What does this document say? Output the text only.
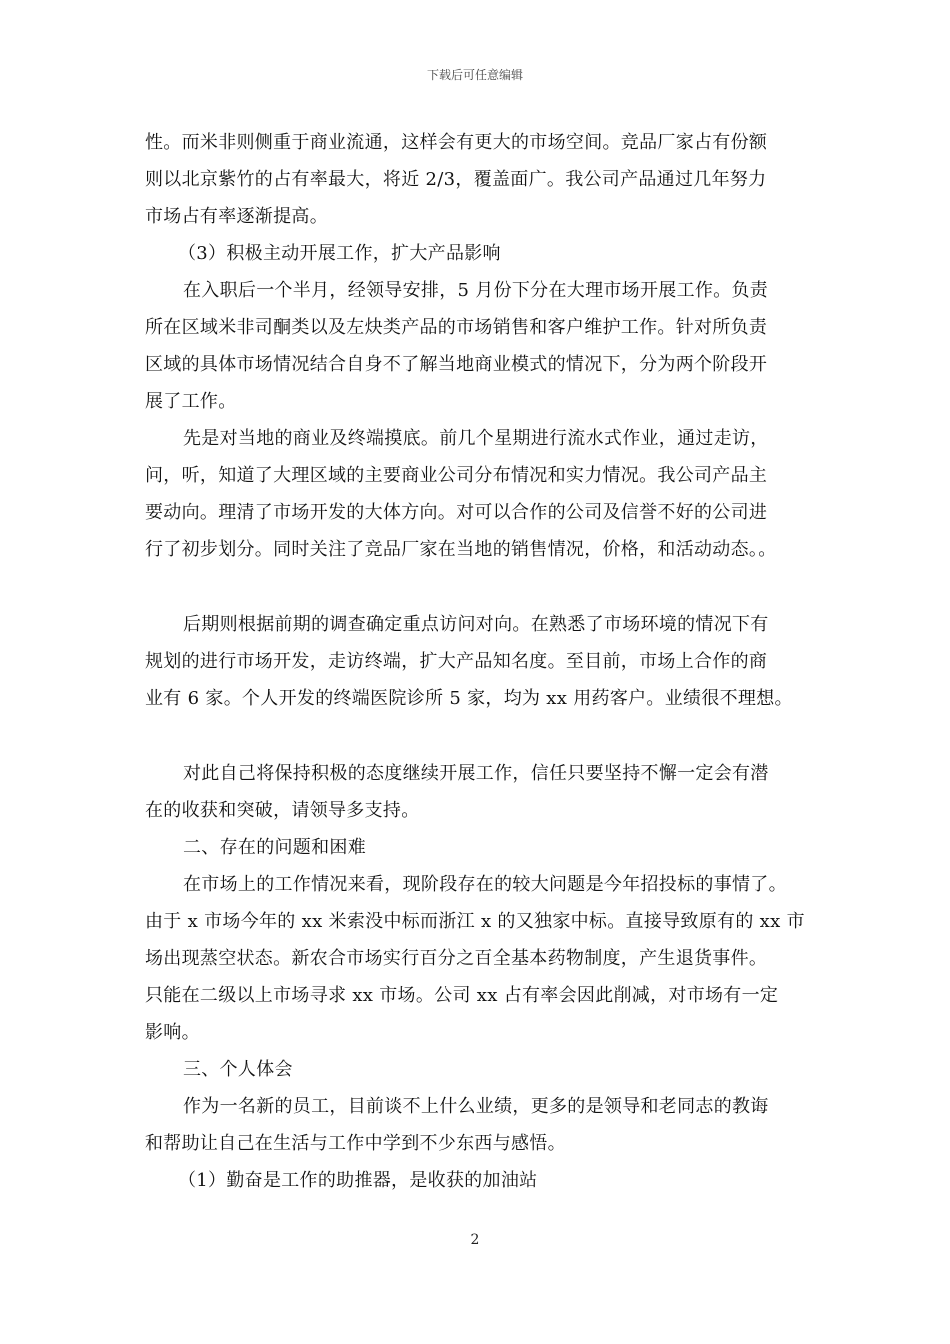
下载后可任意编辑
性。而米非则侧重于商业流通，这样会有更大的市场空间。竞品厂家占有份额
则以北京紫竹的占有率最大，将近 2/3，覆盖面广。我公司产品通过几年努力
市场占有率逐渐提高。
（3）积极主动开展工作，扩大产品影响
在入职后一个半月，经领导安排，5 月份下分在大理市场开展工作。负责
所在区域米非司酮类以及左炔类产品的市场销售和客户维护工作。针对所负责
区域的具体市场情况结合自身不了解当地商业模式的情况下，分为两个阶段开
展了工作。
先是对当地的商业及终端摸底。前几个星期进行流水式作业，通过走访，
问，听，知道了大理区域的主要商业公司分布情况和实力情况。我公司产品主
要动向。理清了市场开发的大体方向。对可以合作的公司及信誉不好的公司进
行了初步划分。同时关注了竞品厂家在当地的销售情况，价格，和活动动态。。
后期则根据前期的调查确定重点访问对向。在熟悉了市场环境的情况下有
规划的进行市场开发，走访终端，扩大产品知名度。至目前，市场上合作的商
业有 6 家。个人开发的终端医院诊所 5 家，均为 xx 用药客户。业绩很不理想。
对此自己将保持积极的态度继续开展工作，信任只要坚持不懈一定会有潜
在的收获和突破，请领导多支持。
二、存在的问题和困难
在市场上的工作情况来看，现阶段存在的较大问题是今年招投标的事情了。
由于 x 市场今年的 xx 米索没中标而浙江 x 的又独家中标。直接导致原有的 xx 市
场出现蒸空状态。新农合市场实行百分之百全基本药物制度，产生退货事件。
只能在二级以上市场寻求 xx 市场。公司 xx 占有率会因此削减，对市场有一定
影响。
三、个人体会
作为一名新的员工，目前谈不上什么业绩，更多的是领导和老同志的教诲
和帮助让自己在生活与工作中学到不少东西与感悟。
（1）勤奋是工作的助推器，是收获的加油站
2
